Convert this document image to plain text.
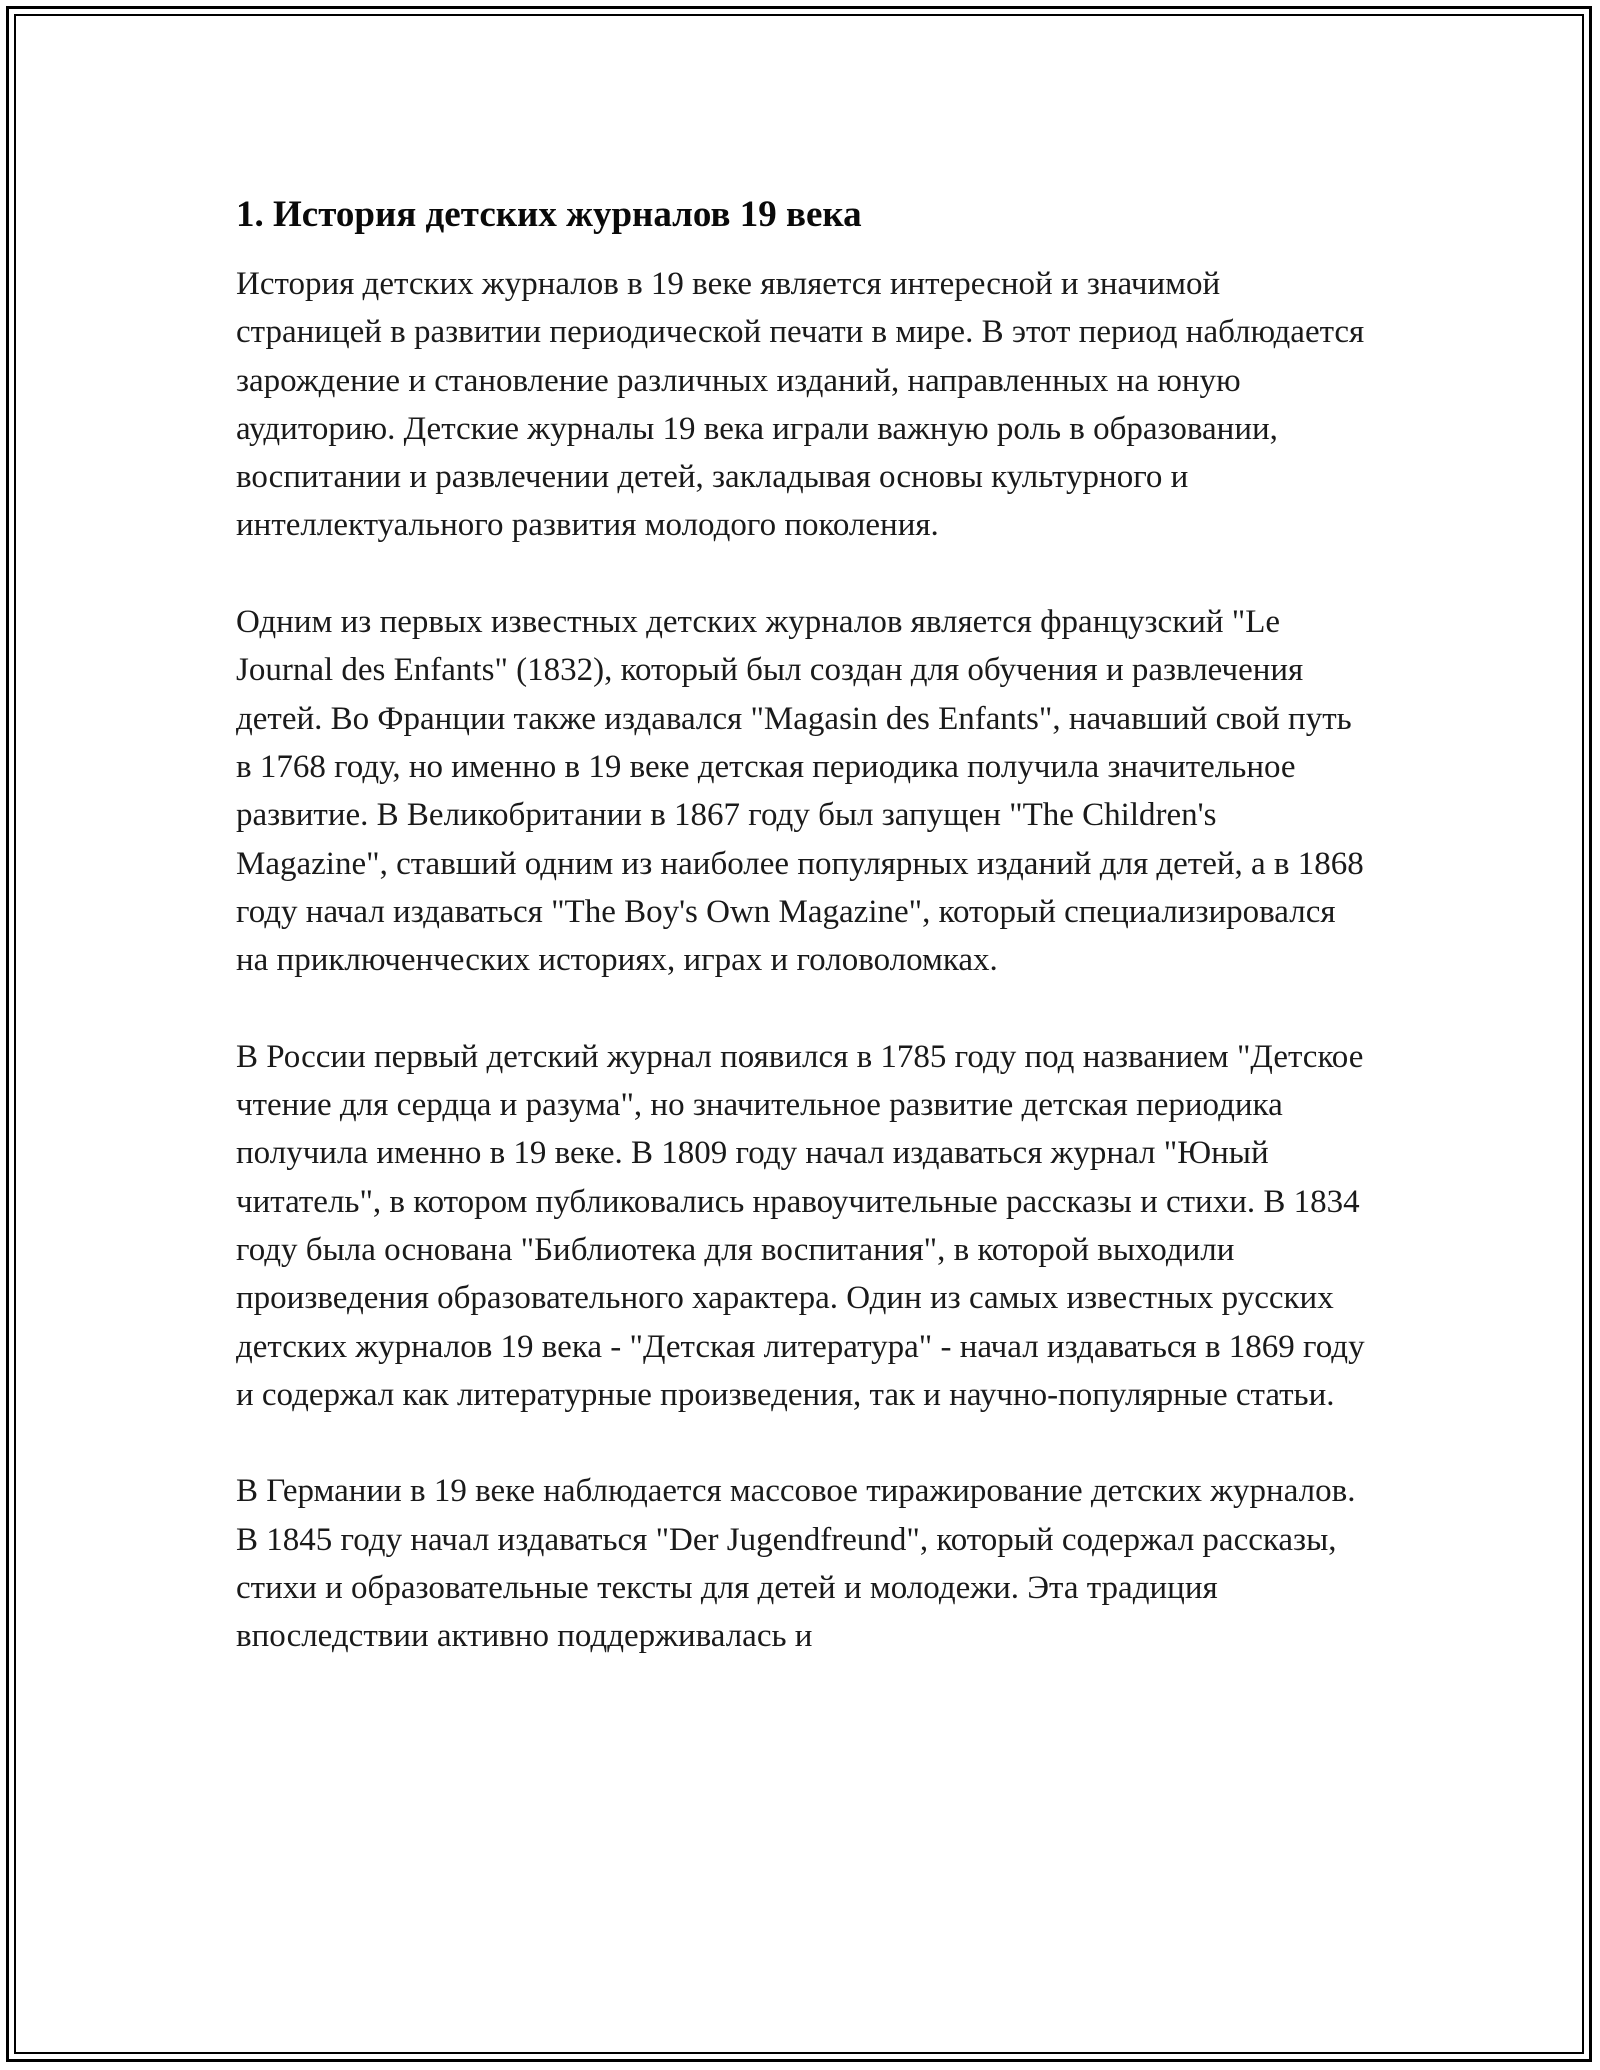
1. История детских журналов 19 века

История детских журналов в 19 веке является интересной и значимой страницей в развитии периодической печати в мире. В этот период наблюдается зарождение и становление различных изданий, направленных на юную аудиторию. Детские журналы 19 века играли важную роль в образовании, воспитании и развлечении детей, закладывая основы культурного и интеллектуального развития молодого поколения.

Одним из первых известных детских журналов является французский "Le Journal des Enfants" (1832), который был создан для обучения и развлечения детей. Во Франции также издавался "Magasin des Enfants", начавший свой путь в 1768 году, но именно в 19 веке детская периодика получила значительное развитие. В Великобритании в 1867 году был запущен "The Children's Magazine", ставший одним из наиболее популярных изданий для детей, а в 1868 году начал издаваться "The Boy's Own Magazine", который специализировался на приключенческих историях, играх и головоломках.

В России первый детский журнал появился в 1785 году под названием "Детское чтение для сердца и разума", но значительное развитие детская периодика получила именно в 19 веке. В 1809 году начал издаваться журнал "Юный читатель", в котором публиковались нравоучительные рассказы и стихи. В 1834 году была основана "Библиотека для воспитания", в которой выходили произведения образовательного характера. Один из самых известных русских детских журналов 19 века - "Детская литература" - начал издаваться в 1869 году и содержал как литературные произведения, так и научно-популярные статьи.

В Германии в 19 веке наблюдается массовое тиражирование детских журналов. В 1845 году начал издаваться "Der Jugendfreund", который содержал рассказы, стихи и образовательные тексты для детей и молодежи. Эта традиция впоследствии активно поддерживалась и
